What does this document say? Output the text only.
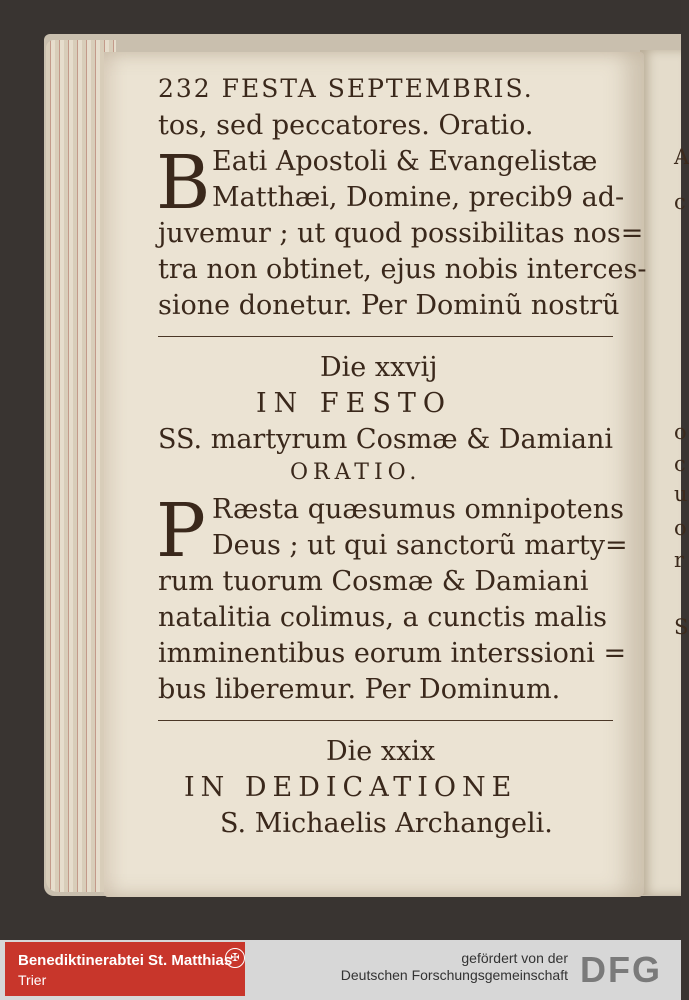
A
c
o
c
u
o
r
S
232 FESTA SEPTEMBRIS.
tos, sed peccatores. Oratio.
B Eati Apostoli & Evangelistæ
Matthæi, Domine, precib9 ad-
juvemur ; ut quod possibilitas nos=
tra non obtinet, ejus nobis interces-
sione donetur. Per Dominũ nostrũ
Die xxvij
IN FESTO
SS. martyrum Cosmæ & Damiani
ORATIO.
P Ræsta quæsumus omnipotens
Deus ; ut qui sanctorũ marty=
rum tuorum Cosmæ & Damiani
natalitia colimus, a cunctis malis
imminentibus eorum interssioni =
bus liberemur. Per Dominum.
Die xxix
IN DEDICATIONE
S. Michaelis Archangeli.
Benediktinerabtei St. Matthias
Trier
✠	gefördert von der
Deutschen Forschungsgemeinschaft DFG
